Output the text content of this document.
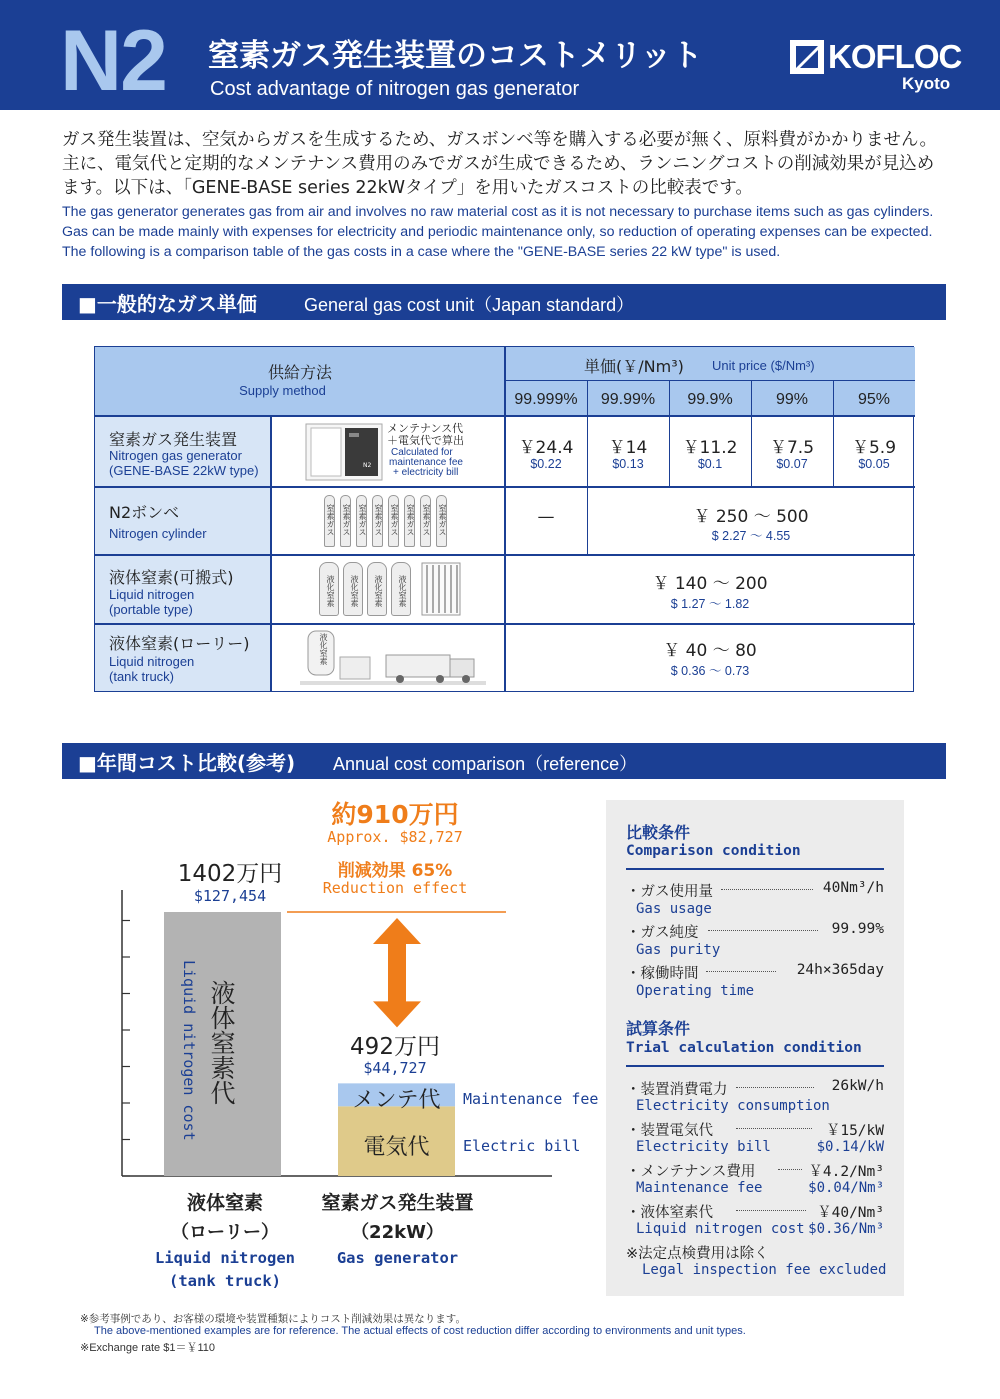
N2 窒素ガス発生装置のコストメリット
Cost advantage of nitrogen gas generator
KOFLOC
Kyoto
ガス発生装置は、空気からガスを生成するため、ガスボンベ等を購入する必要が無く、原料費がかかりません。主に、電気代と定期的なメンテナンス費用のみでガスが生成できるため、ランニングコストの削減効果が見込めます。以下は、「GENE-BASE series 22kWタイプ」を用いたガスコストの比較表です。
The gas generator generates gas from air and involves no raw material cost as it is not necessary to purchase items such as gas cylinders. Gas can be made mainly with expenses for electricity and periodic maintenance only, so reduction of operating expenses can be expected. The following is a comparison table of the gas costs in a case where the "GENE-BASE series 22 kW type" is used.
■一般的なガス単価	General gas cost unit（Japan standard）
供給方法
Supply method
単価(￥/Nm³) Unit price ($/Nm³)
99.999%	99.99%	99.9%	99%	95%
窒素ガス発生装置
Nitrogen gas generator
(GENE-BASE 22kW type)	N2
メンテナンス代
＋電気代で算出
Calculated for
maintenance fee
+ electricity bill
￥24.4	￥14	￥11.2	￥7.5	￥5.9
$0.22	$0.13	$0.1	$0.07	$0.05
N2ボンベ
Nitrogen cylinder	窒素ガス 窒素ガス 窒素ガス 窒素ガス 窒素ガス 窒素ガス 窒素ガス 窒素ガス	—	￥ 250 〜 500
$ 2.27 〜 4.55
液体窒素(可搬式)
Liquid nitrogen
(portable type)
液化窒素 液化窒素 液化窒素 液化窒素	￥ 140 〜 200
$ 1.27 〜 1.82
液体窒素(ローリー)
Liquid nitrogen
(tank truck)
液化窒素	￥ 40 〜 80
$ 0.36 〜 0.73
■年間コスト比較(参考) Annual cost comparison（reference）
1402万円
$127,454
約910万円
Approx. $82,727
削減効果 65%
Reduction effect
492万円
$44,727
液体窒素代
Liquid nitrogen cost	メンテ代
電気代
Maintenance fee
Electric bill
液体窒素
（ローリー）
Liquid nitrogen
(tank truck)
窒素ガス発生装置
（22kW）
Gas generator
比較条件
Comparison condition
・ガス使用量	40Nm³/h
Gas usage
・ガス純度	99.99%
Gas purity
・稼働時間	24h×365day
Operating time
試算条件
Trial calculation condition
・装置消費電力	26kW/h
Electricity consumption
・装置電気代	￥15/kW
Electricity bill	$0.14/kW
・メンテナンス費用	￥4.2/Nm³
Maintenance fee	$0.04/Nm³
・液体窒素代	￥40/Nm³
Liquid nitrogen cost $0.36/Nm³
※法定点検費用は除く
Legal inspection fee excluded
※参考事例であり、お客様の環境や装置種類によりコスト削減効果は異なります。
The above-mentioned examples are for reference. The actual effects of cost reduction differ according to environments and unit types.
※Exchange rate $1＝￥110
